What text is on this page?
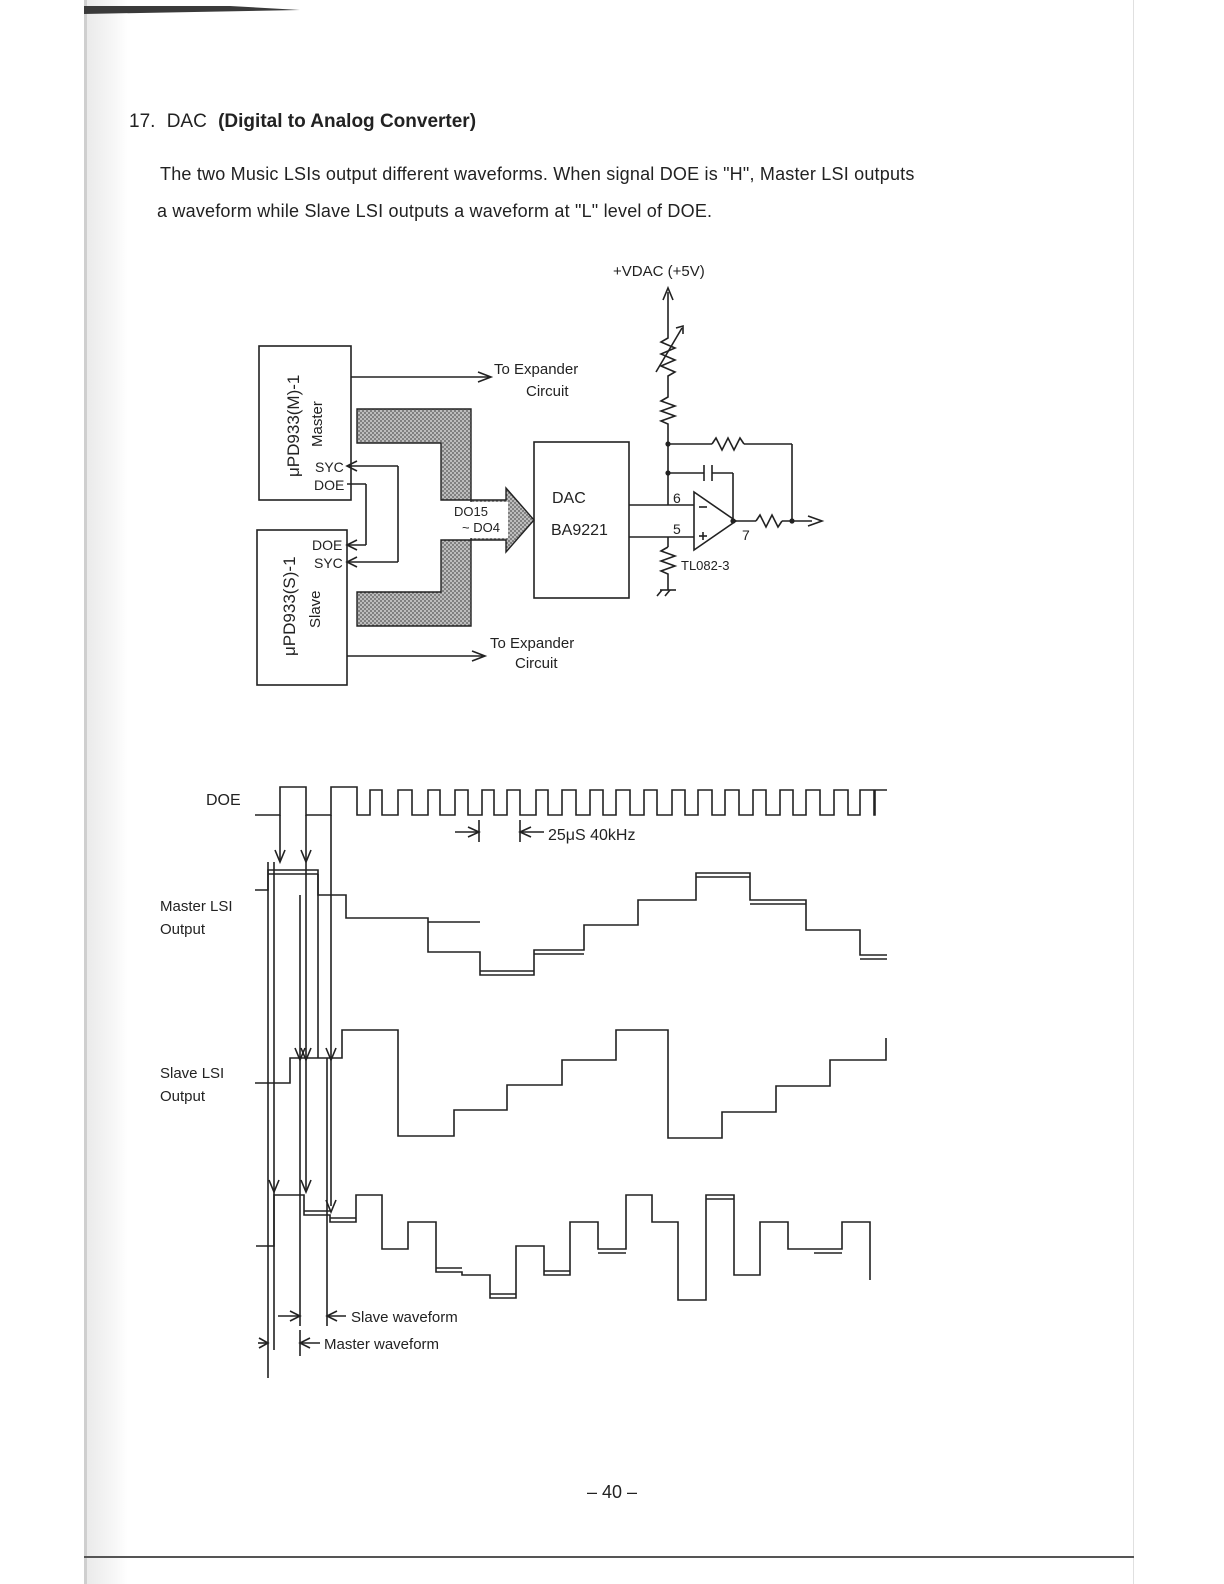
17. DAC (Digital to Analog Converter)
The two Music LSIs output different waveforms. When signal DOE is "H", Master LSI outputs
a waveform while Slave LSI outputs a waveform at "L" level of DOE.
μPD933(M)-1 Master
SYC
DOE
DOE
SYC
μPD933(S)-1 Slave
+VDAC (+5V)
To Expander
Circuit
To Expander
Circuit
DO15
~ DO4
DAC
BA9221
6
5	7
TL082-3
DOE
25μS 40kHz
Master LSI
Output
Slave LSI
Output
Slave waveform
Master waveform
– 40 –
